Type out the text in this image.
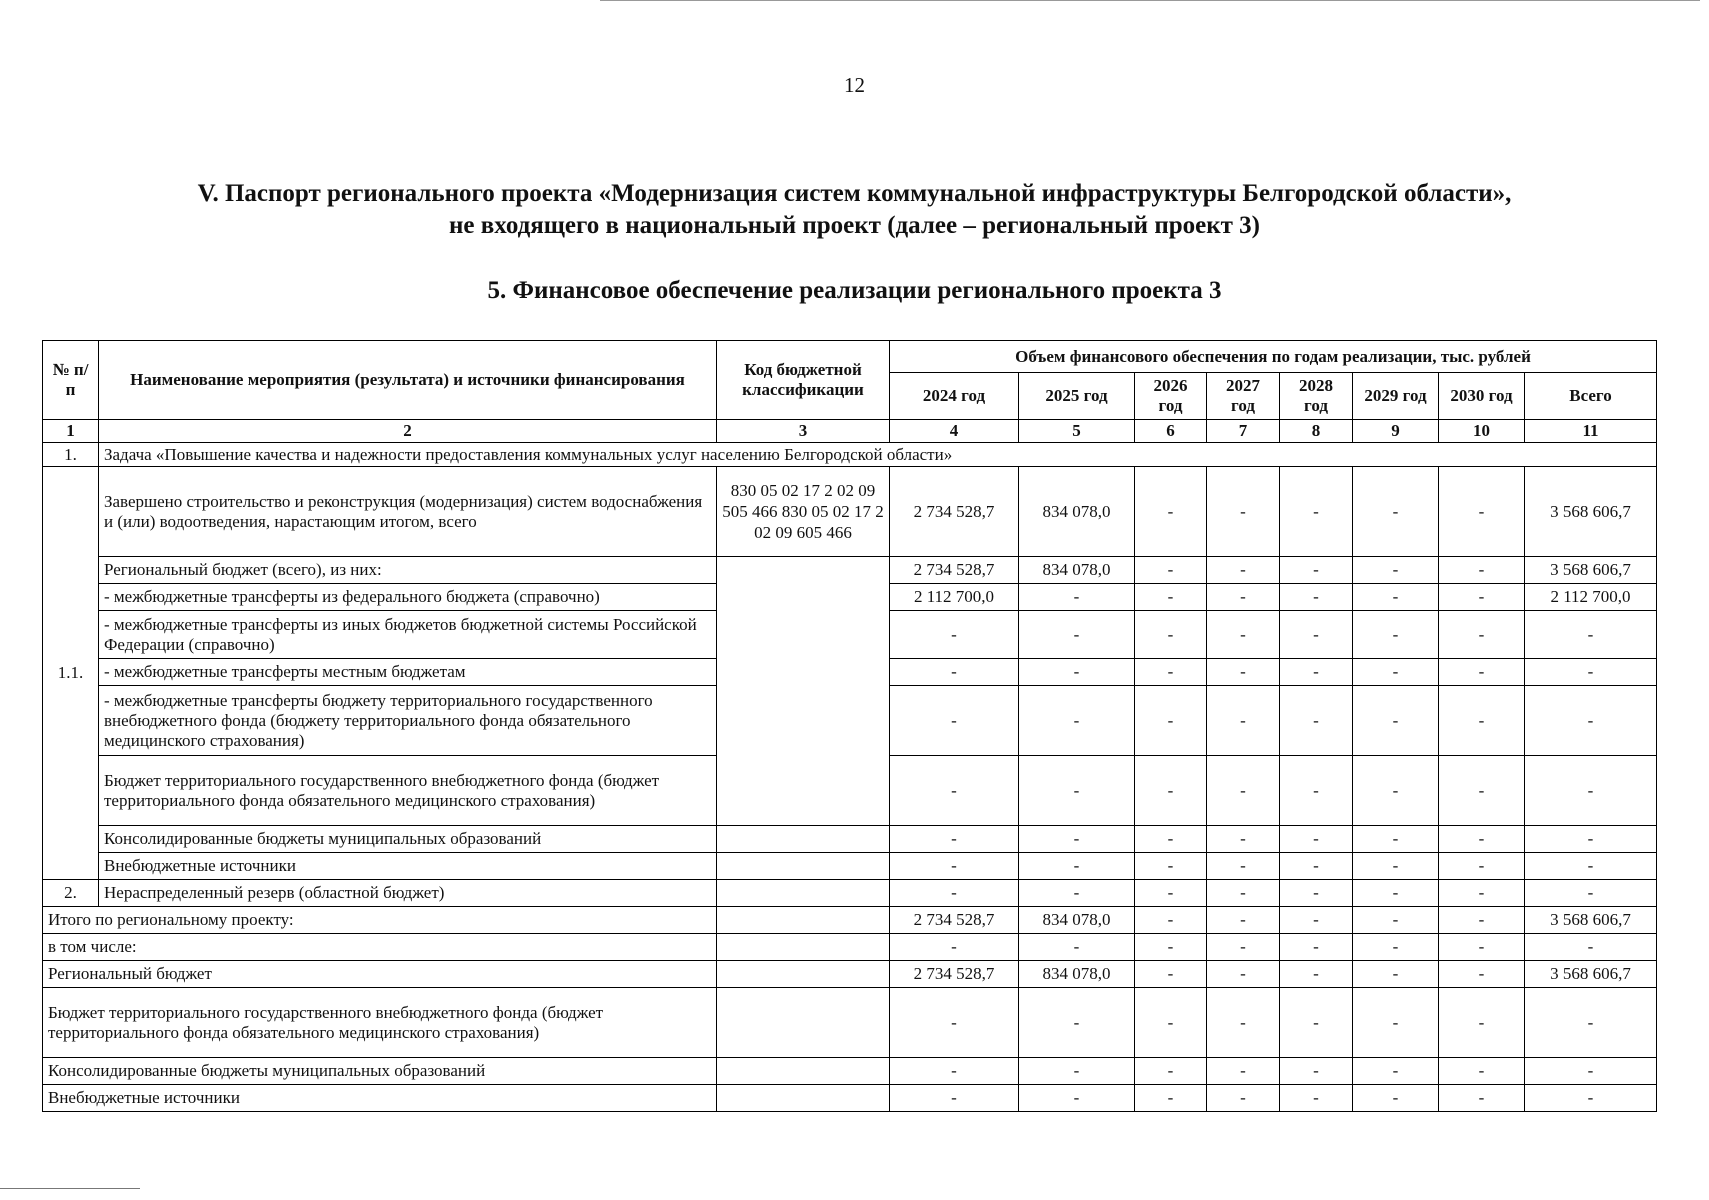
12
V. Паспорт регионального проекта «Модернизация систем коммунальной инфраструктуры Белгородской области»,
не входящего в национальный проект (далее – региональный проект 3)
5. Финансовое обеспечение реализации регионального проекта 3
№ п/п	Наименование мероприятия (результата) и источники финансирования	Код бюджетной классификации	Объем финансового обеспечения по годам реализации, тыс. рублей							
			2024 год	2025 год	2026 год	2027 год	2028 год	2029 год	2030 год	Всего
1	2	3	4	5	6	7	8	9	10	11
1.	Задача «Повышение качества и надежности предоставления коммунальных услуг населению Белгородской области»									
1.1.	Завершено строительство и реконструкция (модернизация) систем водоснабжения и (или) водоотведения, нарастающим итогом, всего	830 05 02 17 2 02 09 505 466 830 05 02 17 2 02 09 605 466	2 734 528,7	834 078,0	-	-	-	-	-	3 568 606,7
	Региональный бюджет (всего), из них:		2 734 528,7	834 078,0	-	-	-	-	-	3 568 606,7
	- межбюджетные трансферты из федерального бюджета (справочно)		2 112 700,0	-	-	-	-	-	-	2 112 700,0
	- межбюджетные трансферты из иных бюджетов бюджетной системы Российской Федерации (справочно)		-	-	-	-	-	-	-	-
	- межбюджетные трансферты местным бюджетам		-	-	-	-	-	-	-	-
	- межбюджетные трансферты бюджету территориального государственного внебюджетного фонда (бюджету территориального фонда обязательного медицинского страхования)		-	-	-	-	-	-	-	-
	Бюджет территориального государственного внебюджетного фонда (бюджет территориального фонда обязательного медицинского страхования)		-	-	-	-	-	-	-	-
	Консолидированные бюджеты муниципальных образований		-	-	-	-	-	-	-	-
	Внебюджетные источники		-	-	-	-	-	-	-	-
2.	Нераспределенный резерв (областной бюджет)		-	-	-	-	-	-	-	-
Итого по региональному проекту:			2 734 528,7	834 078,0	-	-	-	-	-	3 568 606,7
в том числе:			-	-	-	-	-	-	-	-
Региональный бюджет			2 734 528,7	834 078,0	-	-	-	-	-	3 568 606,7
Бюджет территориального государственного внебюджетного фонда (бюджет территориального фонда обязательного медицинского страхования)			-	-	-	-	-	-	-	-
Консолидированные бюджеты муниципальных образований			-	-	-	-	-	-	-	-
Внебюджетные источники			-	-	-	-	-	-	-	-
